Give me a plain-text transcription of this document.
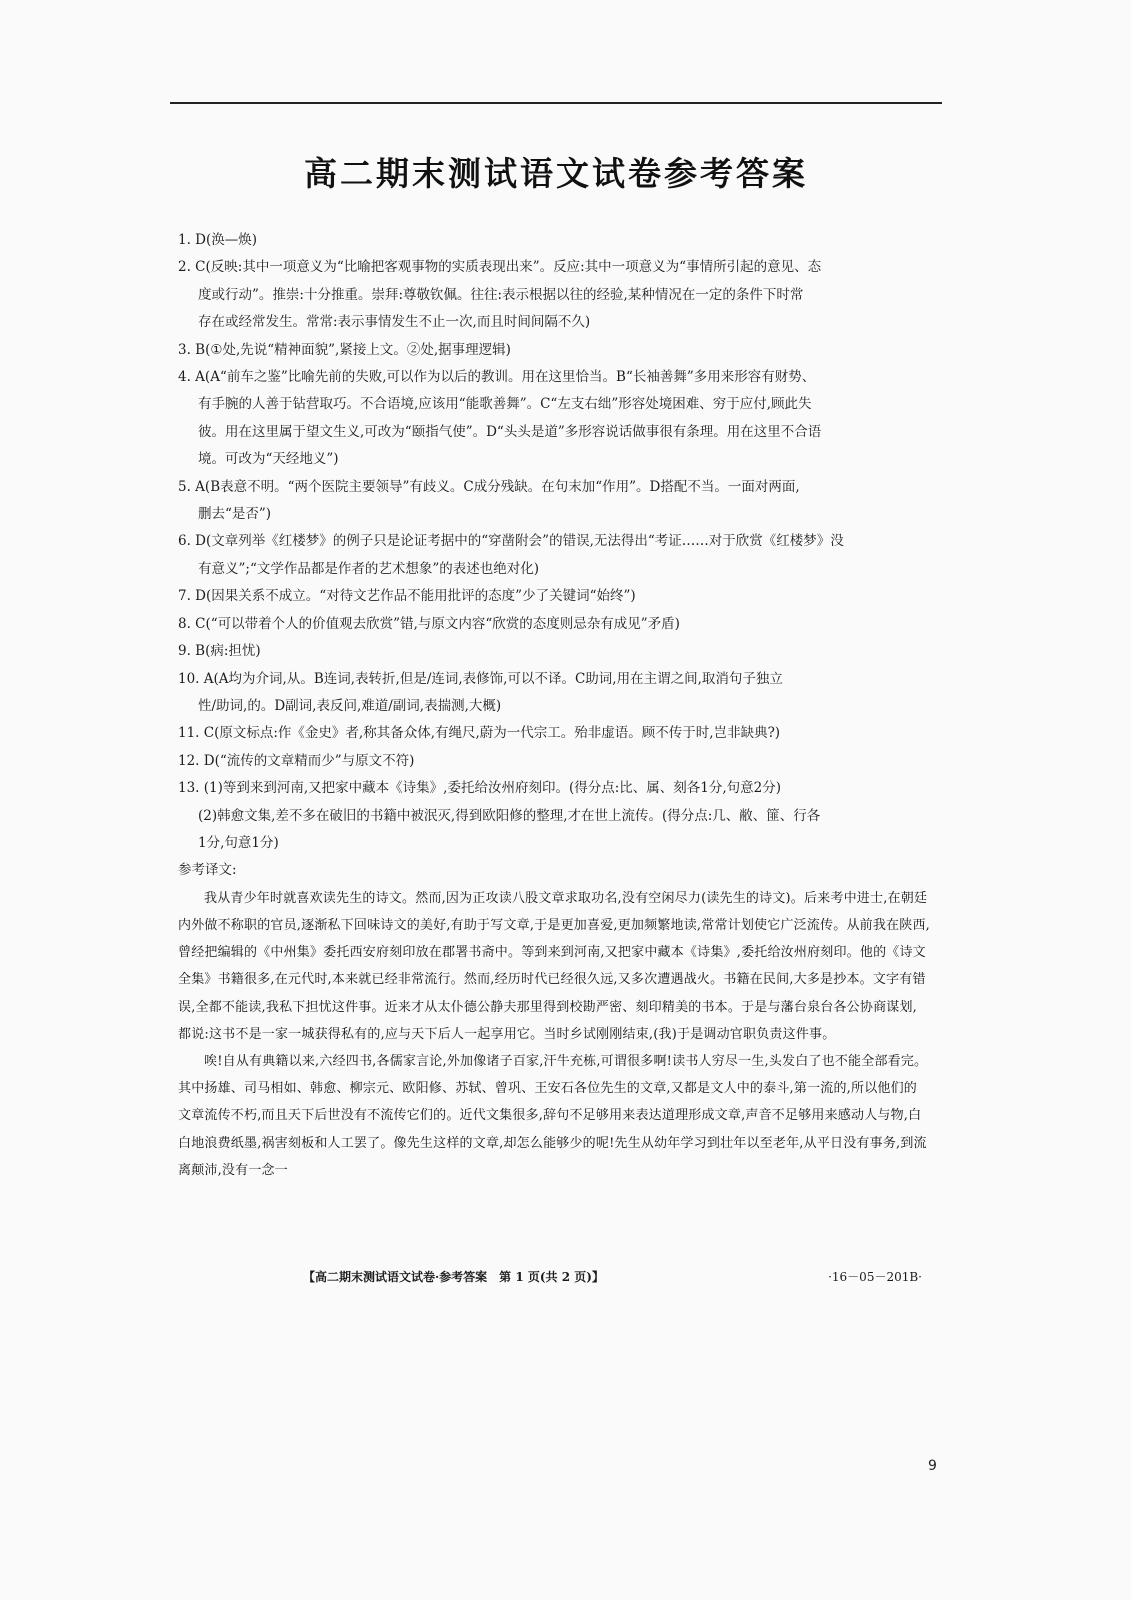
高二期末测试语文试卷参考答案

1. D(涣—焕)

2. C(反映:其中一项意义为“比喻把客观事物的实质表现出来”。反应:其中一项意义为“事情所引起的意见、态

度或行动”。推崇:十分推重。崇拜:尊敬钦佩。往往:表示根据以往的经验,某种情况在一定的条件下时常
存在或经常发生。常常:表示事情发生不止一次,而且时间间隔不久)

3. B(①处,先说“精神面貌”,紧接上文。②处,据事理逻辑)

4. A(A“前车之鉴”比喻先前的失败,可以作为以后的教训。用在这里恰当。B“长袖善舞”多用来形容有财势、

有手腕的人善于钻营取巧。不合语境,应该用“能歌善舞”。C“左支右绌”形容处境困难、穷于应付,顾此失
彼。用在这里属于望文生义,可改为“颐指气使”。D“头头是道”多形容说话做事很有条理。用在这里不合语
境。可改为“天经地义”)

5. A(B表意不明。“两个医院主要领导”有歧义。C成分残缺。在句末加“作用”。D搭配不当。一面对两面,

删去“是否”)

6. D(文章列举《红楼梦》的例子只是论证考据中的“穿凿附会”的错误,无法得出“考证……对于欣赏《红楼梦》没

有意义”;“文学作品都是作者的艺术想象”的表述也绝对化)

7. D(因果关系不成立。“对待文艺作品不能用批评的态度”少了关键词“始终”)

8. C(“可以带着个人的价值观去欣赏”错,与原文内容“欣赏的态度则忌杂有成见”矛盾)

9. B(病:担忧)

10. A(A均为介词,从。B连词,表转折,但是/连词,表修饰,可以不译。C助词,用在主谓之间,取消句子独立

性/助词,的。D副词,表反问,难道/副词,表揣测,大概)

11. C(原文标点:作《金史》者,称其备众体,有绳尺,蔚为一代宗工。殆非虚语。顾不传于时,岂非缺典?)

12. D(“流传的文章精而少”与原文不符)

13. (1)等到来到河南,又把家中藏本《诗集》,委托给汝州府刻印。(得分点:比、属、刻各1分,句意2分)

(2)韩愈文集,差不多在破旧的书籍中被泯灭,得到欧阳修的整理,才在世上流传。(得分点:几、敝、篚、行各
1分,句意1分)

参考译文:

我从青少年时就喜欢读先生的诗文。然而,因为正攻读八股文章求取功名,没有空闲尽力(读先生的诗文)。后来考中进士,在朝廷内外做不称职的官员,逐渐私下回味诗文的美好,有助于写文章,于是更加喜爱,更加频繁地读,常常计划使它广泛流传。从前我在陕西,曾经把编辑的《中州集》委托西安府刻印放在郡署书斋中。等到来到河南,又把家中藏本《诗集》,委托给汝州府刻印。他的《诗文全集》书籍很多,在元代时,本来就已经非常流行。然而,经历时代已经很久远,又多次遭遇战火。书籍在民间,大多是抄本。文字有错误,全都不能读,我私下担忧这件事。近来才从太仆德公静夫那里得到校勘严密、刻印精美的书本。于是与藩台泉台各公协商谋划,都说:这书不是一家一城获得私有的,应与天下后人一起享用它。当时乡试刚刚结束,(我)于是调动官职负责这件事。

唉!自从有典籍以来,六经四书,各儒家言论,外加像诸子百家,汗牛充栋,可谓很多啊!读书人穷尽一生,头发白了也不能全部看完。其中扬雄、司马相如、韩愈、柳宗元、欧阳修、苏轼、曾巩、王安石各位先生的文章,又都是文人中的泰斗,第一流的,所以他们的文章流传不朽,而且天下后世没有不流传它们的。近代文集很多,辞句不足够用来表达道理形成文章,声音不足够用来感动人与物,白白地浪费纸墨,祸害刻板和人工罢了。像先生这样的文章,却怎么能够少的呢!先生从幼年学习到壮年以至老年,从平日没有事务,到流离颠沛,没有一念一

【高二期末测试语文试卷·参考答案　第 1 页(共 2 页)】	·16－05－201B·
9
